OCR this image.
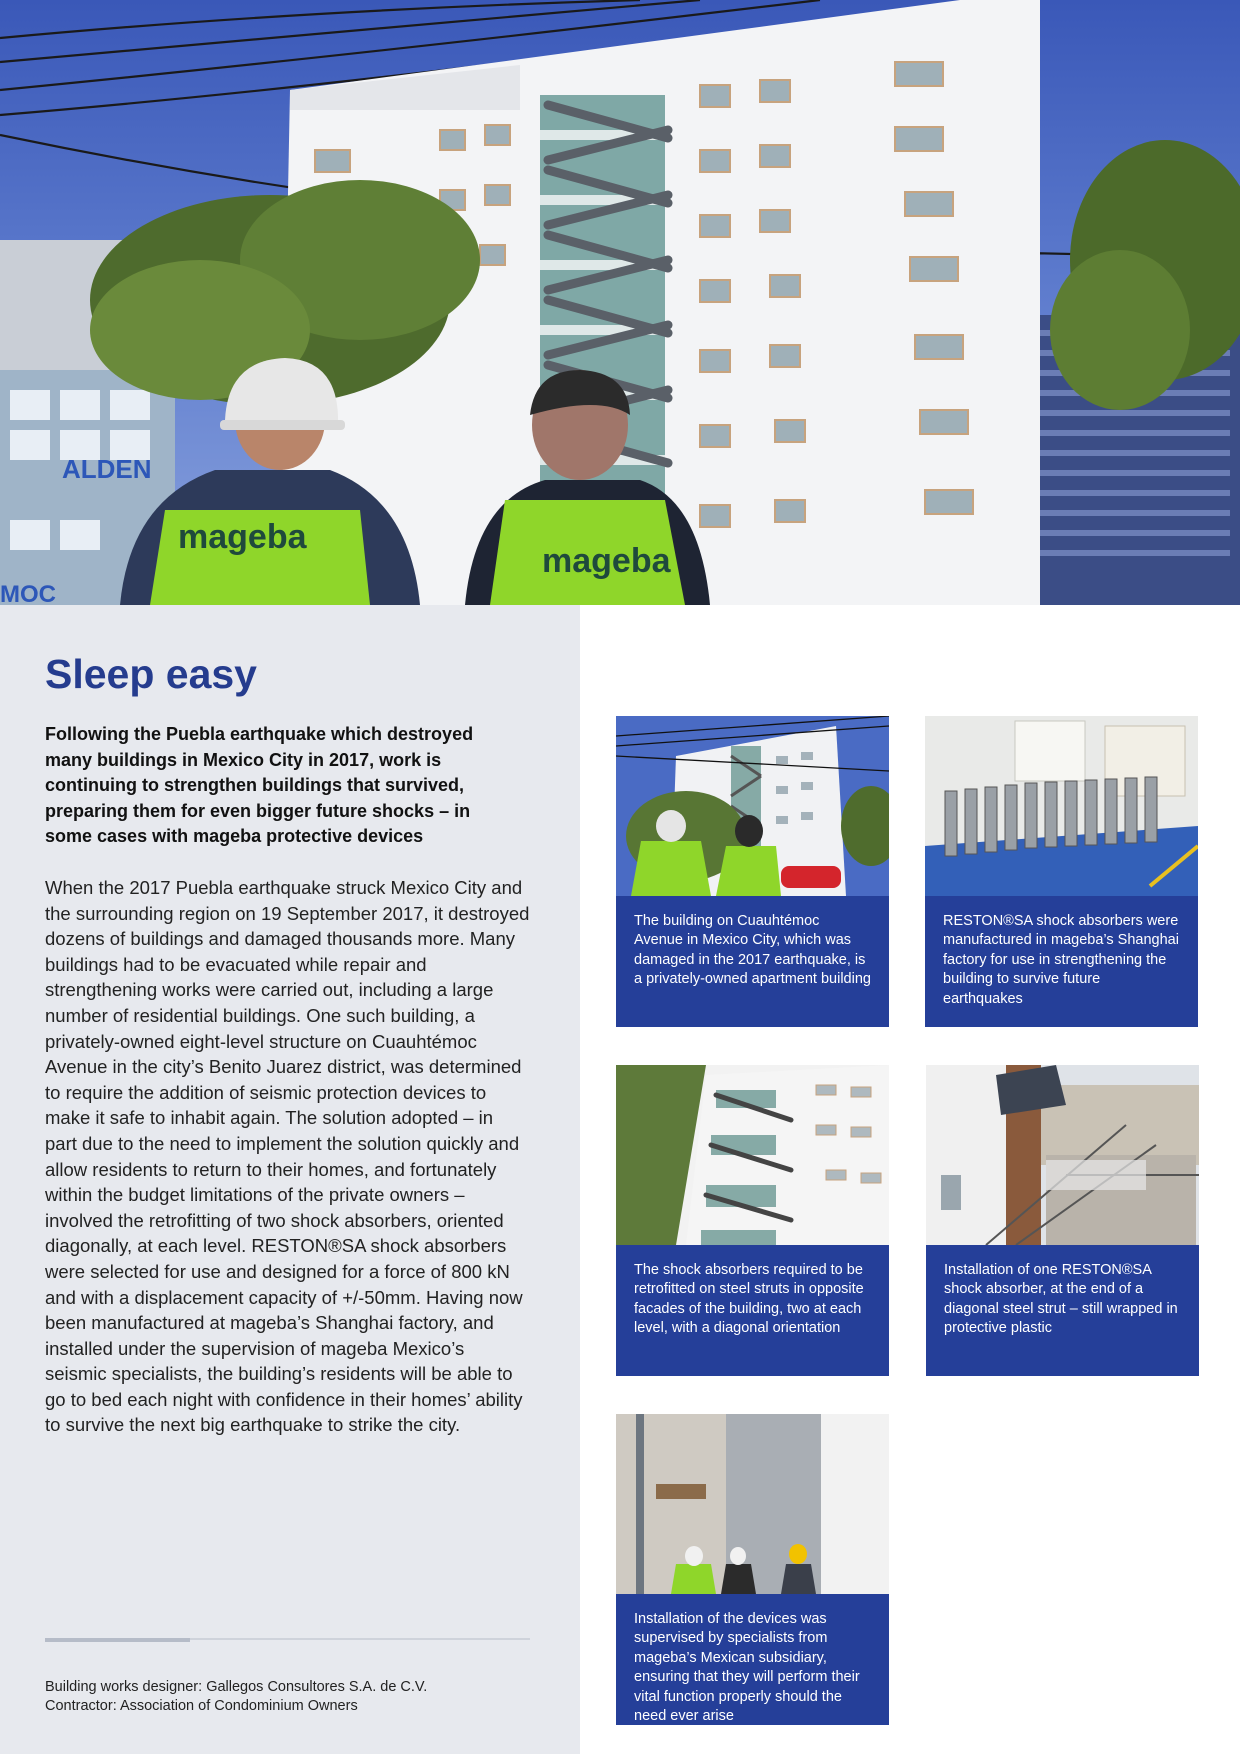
ALDEN
MOC
mageba
mageba
Sleep easy

Following the Puebla earthquake which destroyed many buildings in Mexico City in 2017, work is continuing to strengthen buildings that survived, preparing them for even bigger future shocks – in some cases with mageba protective devices

When the 2017 Puebla earthquake struck Mexico City and the surrounding region on 19 September 2017, it destroyed dozens of buildings and damaged thousands more. Many buildings had to be evacuated while repair and strengthening works were carried out, including a large number of residential buildings. One such building, a privately-owned eight-level structure on Cuauhtémoc Avenue in the city’s Benito Juarez district, was determined to require the addition of seismic protection devices to make it safe to inhabit again. The solution adopted – in part due to the need to implement the solution quickly and allow residents to return to their homes, and fortunately within the budget limitations of the private owners – involved the retrofitting of two shock absorbers, oriented diagonally, at each level. RESTON®SA shock absorbers were selected for use and designed for a force of 800 kN and with a displacement capacity of +/-50mm. Having now been manufactured at mageba’s Shanghai factory, and installed under the supervision of mageba Mexico’s seismic specialists, the building’s residents will be able to go to bed each night with confidence in their homes’ ability to survive the next big earthquake to strike the city.

Building works designer: Gallegos Consultores S.A. de C.V.
Contractor: Association of Condominium Owners
The building on Cuauhtémoc Avenue in Mexico City, which was damaged in the 2017 earthquake, is a privately-owned apartment building
RESTON®SA shock absorbers were manufactured in mageba’s Shanghai factory for use in strengthening the building to survive future earthquakes
The shock absorbers required to be retrofitted on steel struts in opposite facades of the building, two at each level, with a diagonal orientation
Installation of one RESTON®SA shock absorber, at the end of a diagonal steel strut – still wrapped in protective plastic
Installation of the devices was supervised by specialists from mageba’s Mexican subsidiary, ensuring that they will perform their vital function properly should the need ever arise
